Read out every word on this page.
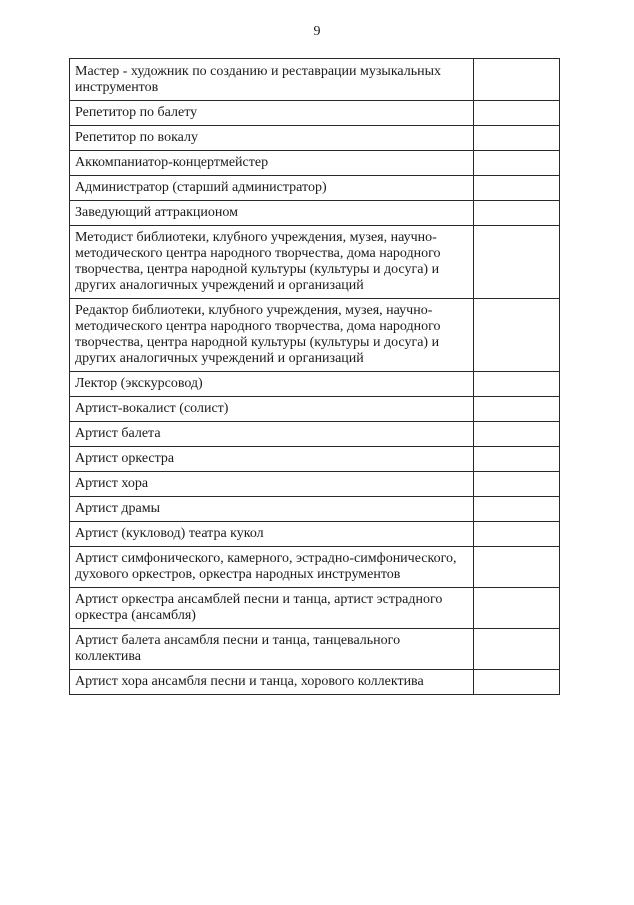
9
Мастер - художник по созданию и реставрации музыкальных инструментов	

Репетитор по балету	

Репетитор по вокалу	

Аккомпаниатор-концертмейстер	

Администратор (старший администратор)	

Заведующий аттракционом	

Методист библиотеки, клубного учреждения, музея, научно-методического центра народного творчества, дома народного творчества, центра народной культуры (культуры и досуга) и других аналогичных учреждений и организаций	

Редактор библиотеки, клубного учреждения, музея, научно-методического центра народного творчества, дома народного творчества, центра народной культуры (культуры и досуга) и других аналогичных учреждений и организаций	

Лектор (экскурсовод)	

Артист-вокалист (солист)	

Артист балета	

Артист оркестра	

Артист хора	

Артист драмы	

Артист (кукловод) театра кукол	

Артист симфонического, камерного, эстрадно-симфонического, духового оркестров, оркестра народных инструментов	

Артист оркестра ансамблей песни и танца, артист эстрадного оркестра (ансамбля)	

Артист балета ансамбля песни и танца, танцевального коллектива	

Артист хора ансамбля песни и танца, хорового коллектива	
